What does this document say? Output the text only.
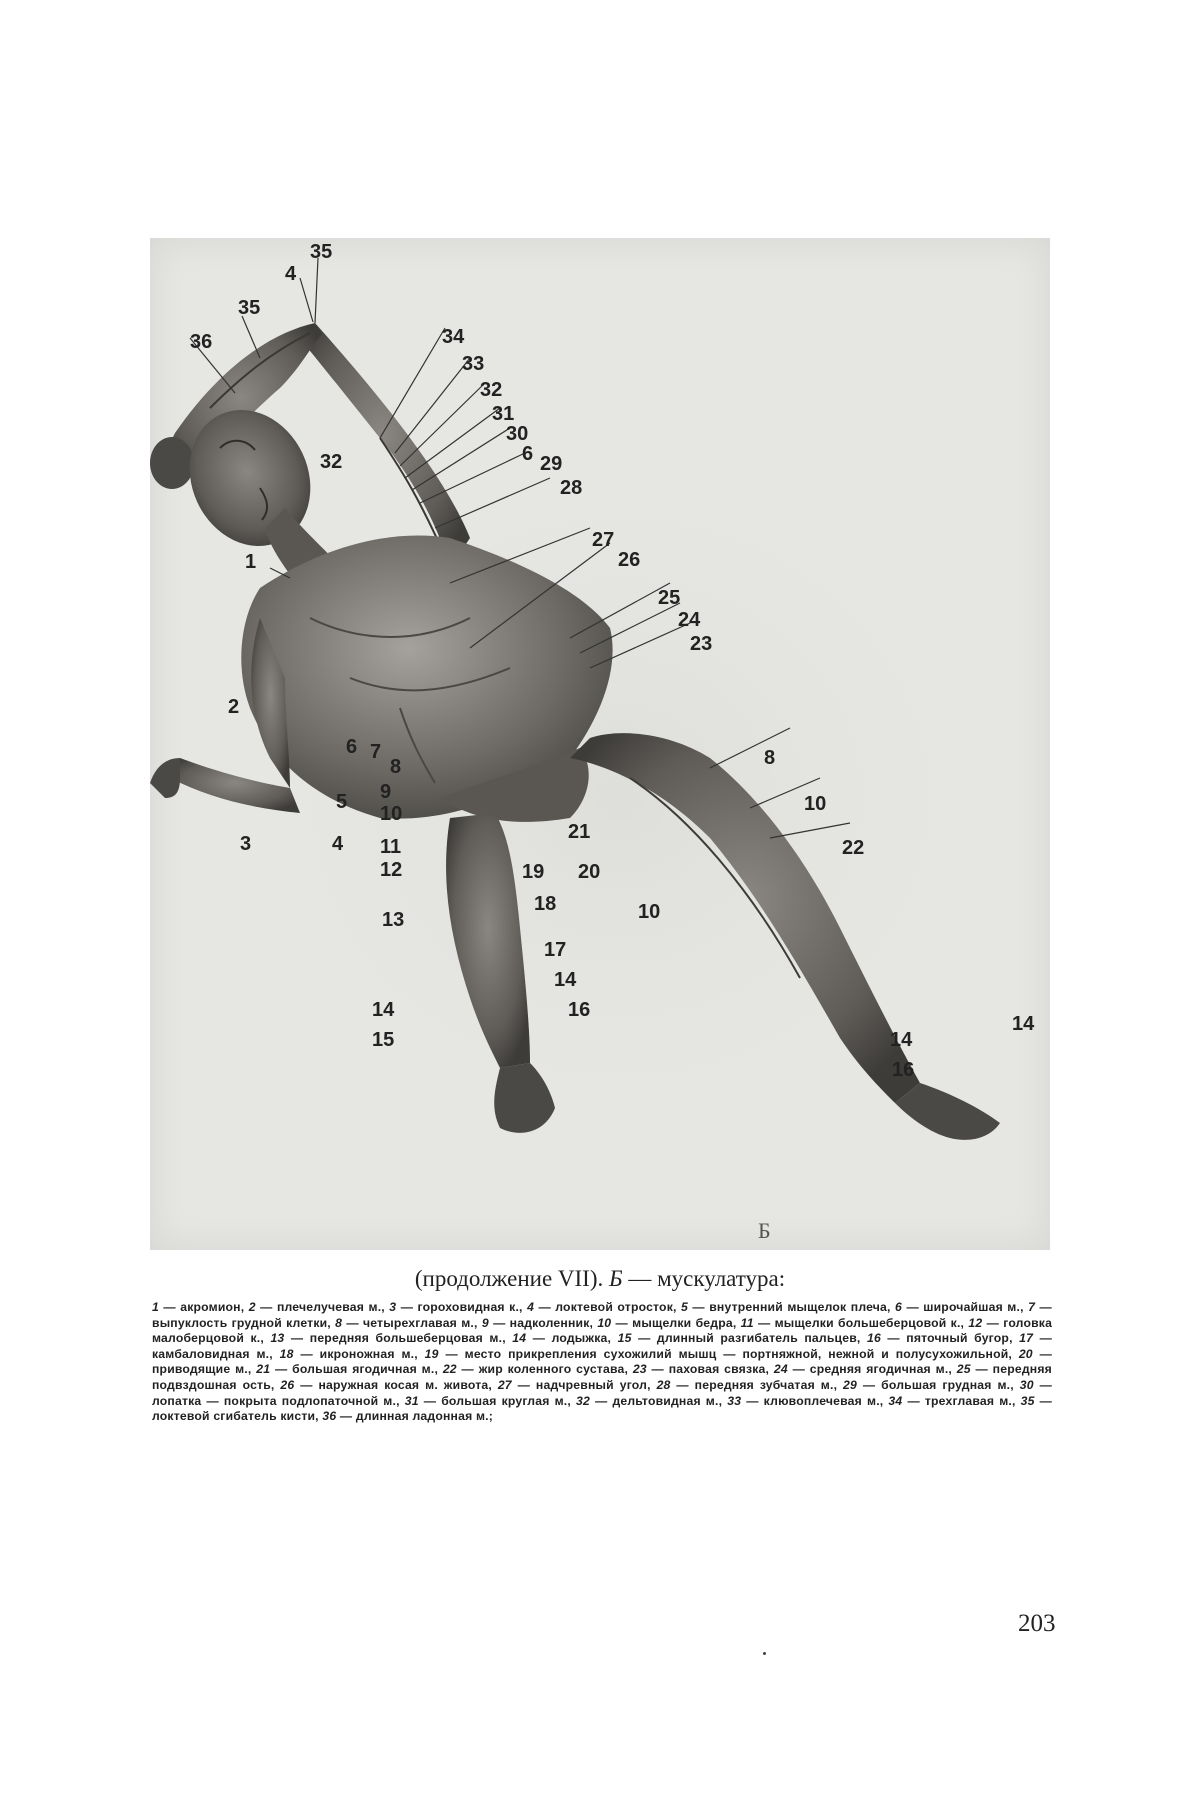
35
4
35
36	34
33
32
31
30
6 29
28
32
27
26
25
24
23
1
2
3	4
5
6 7
8
9
10
11
12
13
14
15
14
16
17
18
19 20
21
8
10
22
10
14
14
16
Б
(продолжение VII). Б — мускулатура:
1 — акромион, 2 — плечелучевая м., 3 — гороховидная к., 4 — локтевой отросток, 5 — внутренний мыщелок плеча, 6 — широчайшая м., 7 —выпуклость грудной клетки, 8 — четырехглавая м., 9 — надколенник, 10 — мыщелки бедра, 11 — мыщелки большеберцовой к., 12 — головка малоберцовой к., 13 — передняя большеберцовая м., 14 — лодыжка, 15 — длинный разгибатель пальцев, 16 — пяточный бугор, 17 — камбаловидная м., 18 — икроножная м., 19 — место прикрепления сухожилий мышц — портняжной, нежной и полусухожильной, 20 — приводящие м., 21 — большая ягодичная м., 22 — жир коленного сустава, 23 — паховая связка, 24 — средняя ягодичная м., 25 — передняя подвздошная ость, 26 — наружная косая м. живота, 27 — надчревный угол, 28 — передняя зубчатая м., 29 — большая грудная м., 30 — лопатка — покрыта подлопаточной м., 31 — большая круглая м., 32 — дельтовидная м., 33 — клювоплечевая м., 34 — трехглавая м., 35 — локтевой сгибатель кисти, 36 — длинная ладонная м.;
203
